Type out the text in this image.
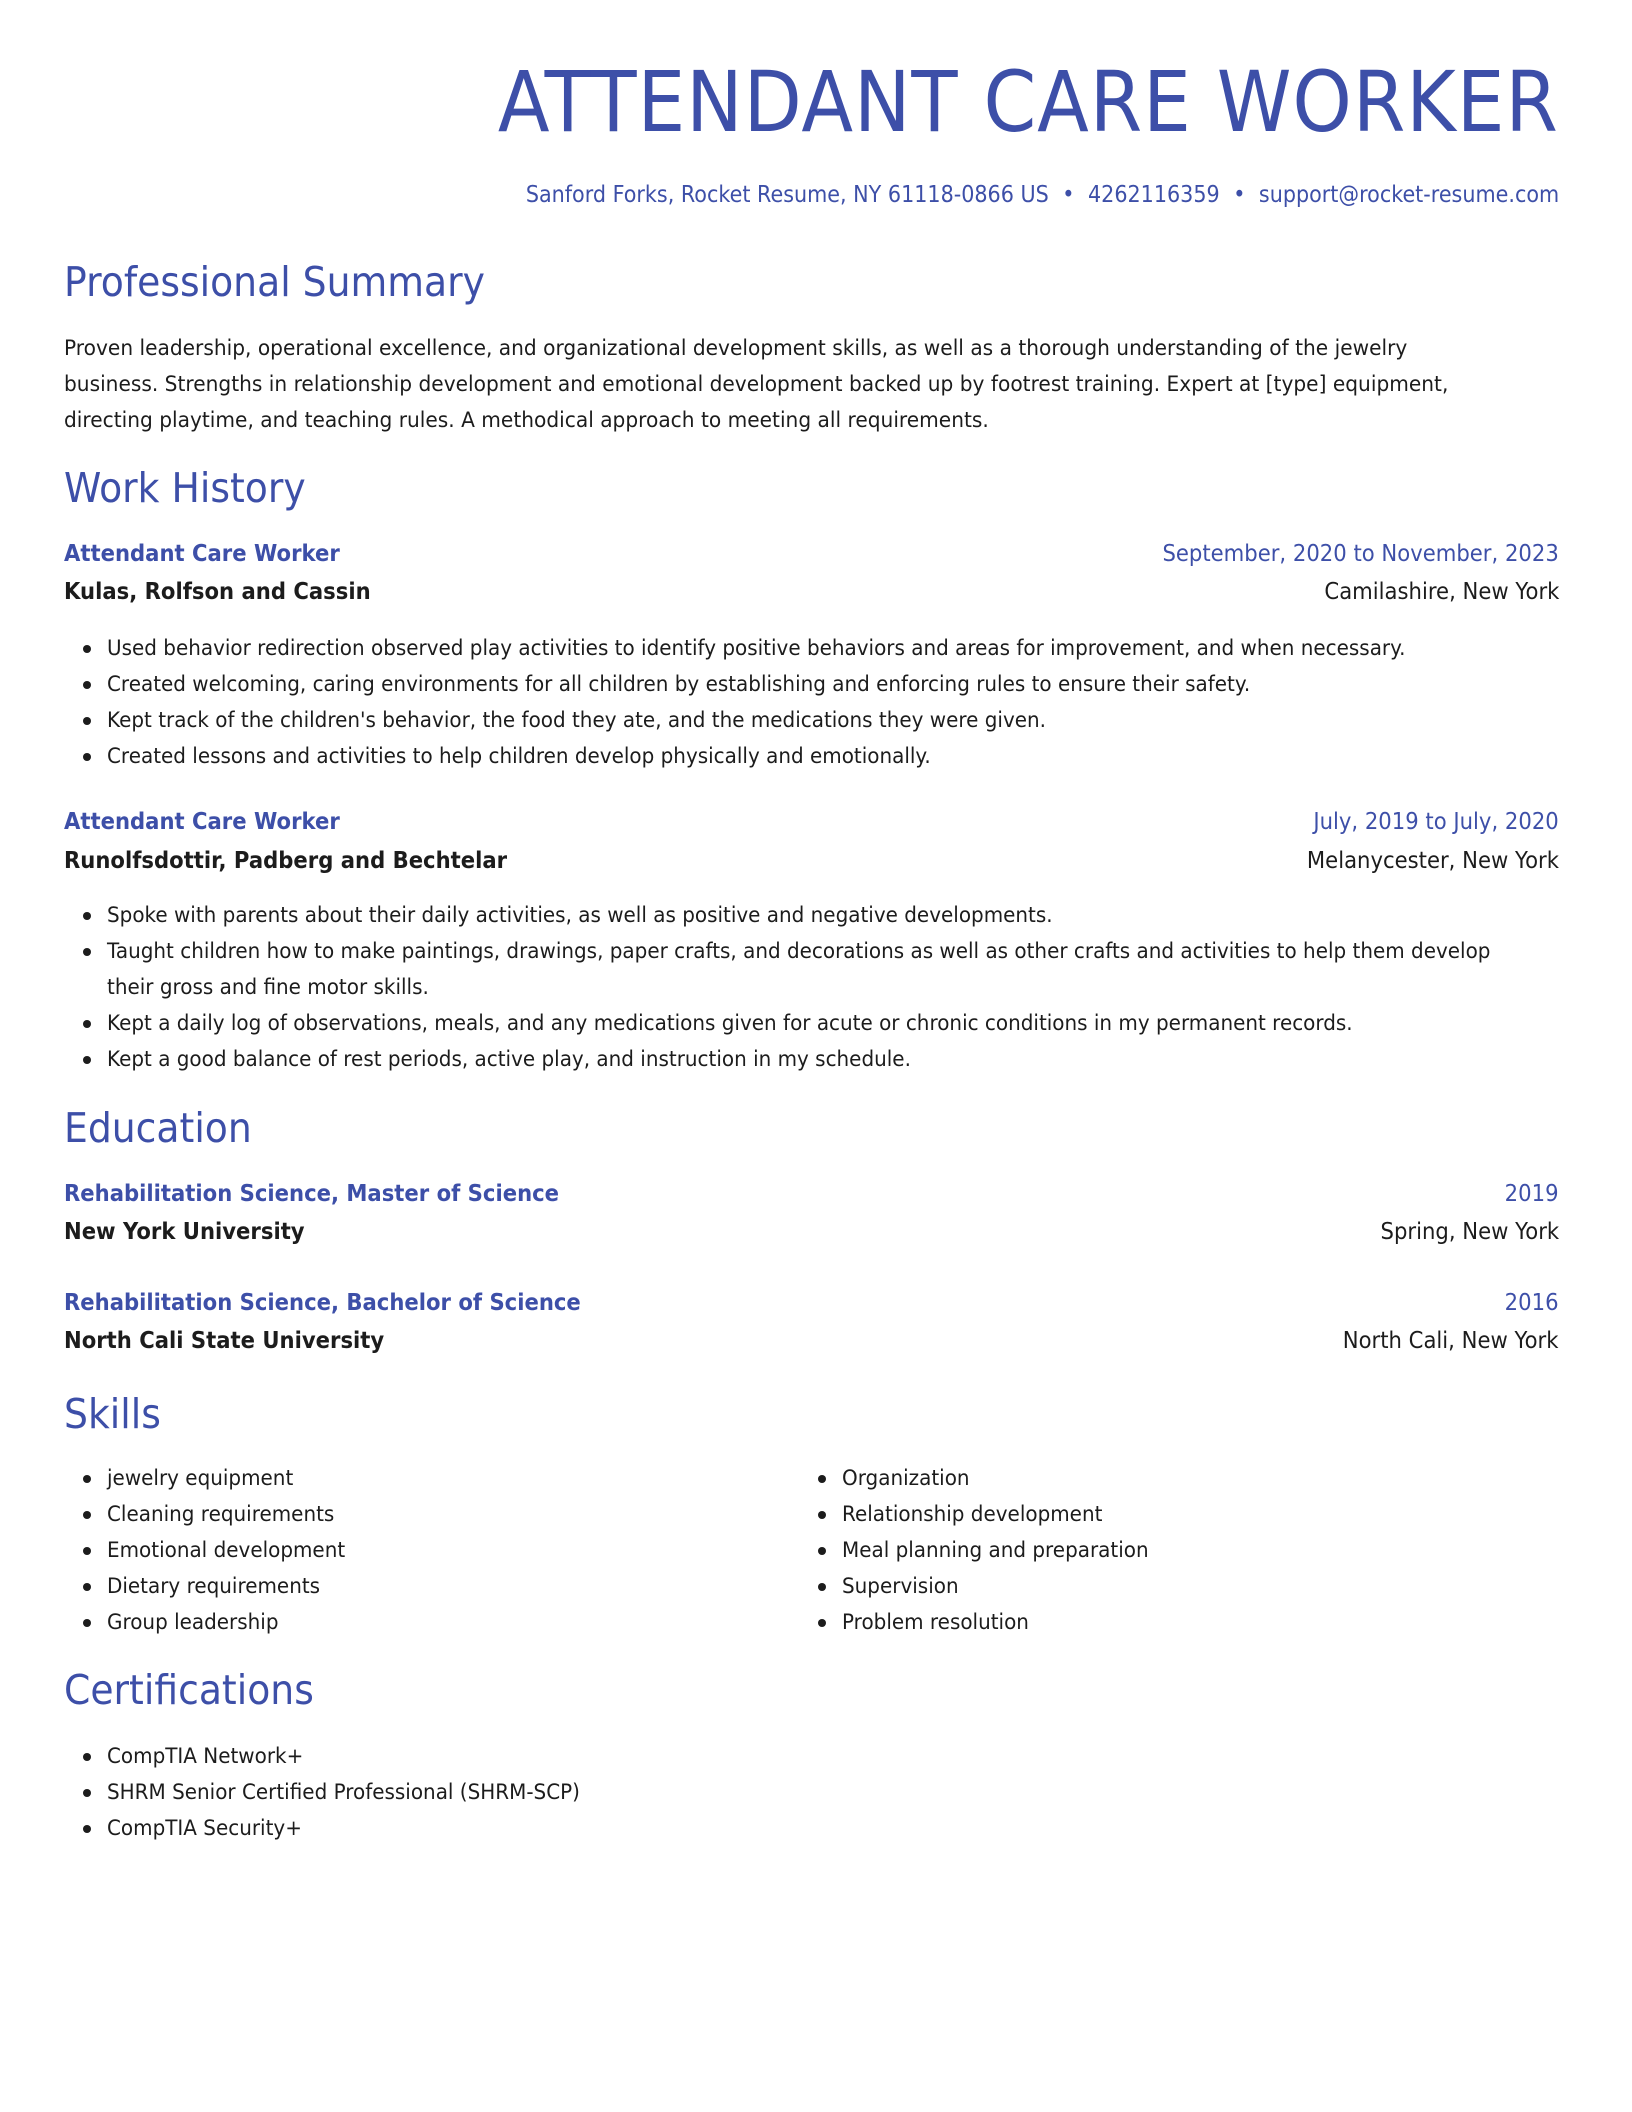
ATTENDANT CARE WORKER
Sanford Forks, Rocket Resume, NY 61118-0866 US • 4262116359 • support@rocket-resume.com
Professional Summary
Proven leadership, operational excellence, and organizational development skills, as well as a thorough understanding of the jewelry business. Strengths in relationship development and emotional development backed up by footrest training. Expert at [type] equipment, directing playtime, and teaching rules. A methodical approach to meeting all requirements.
Work History
Attendant Care Worker	September, 2020 to November, 2023
Kulas, Rolfson and Cassin	Camilashire, New York
Used behavior redirection observed play activities to identify positive behaviors and areas for improvement, and when necessary.
Created welcoming, caring environments for all children by establishing and enforcing rules to ensure their safety.
Kept track of the children's behavior, the food they ate, and the medications they were given.
Created lessons and activities to help children develop physically and emotionally.
Attendant Care Worker	July, 2019 to July, 2020
Runolfsdottir, Padberg and Bechtelar	Melanycester, New York
Spoke with parents about their daily activities, as well as positive and negative developments.
Taught children how to make paintings, drawings, paper crafts, and decorations as well as other crafts and activities to help them develop their gross and fine motor skills.
Kept a daily log of observations, meals, and any medications given for acute or chronic conditions in my permanent records.
Kept a good balance of rest periods, active play, and instruction in my schedule.
Education
Rehabilitation Science, Master of Science	2019
New York University	Spring, New York
Rehabilitation Science, Bachelor of Science	2016
North Cali State University	North Cali, New York
Skills
jewelry equipment
Cleaning requirements
Emotional development
Dietary requirements
Group leadership
Organization
Relationship development
Meal planning and preparation
Supervision
Problem resolution
Certifications
CompTIA Network+
SHRM Senior Certified Professional (SHRM-SCP)
CompTIA Security+
